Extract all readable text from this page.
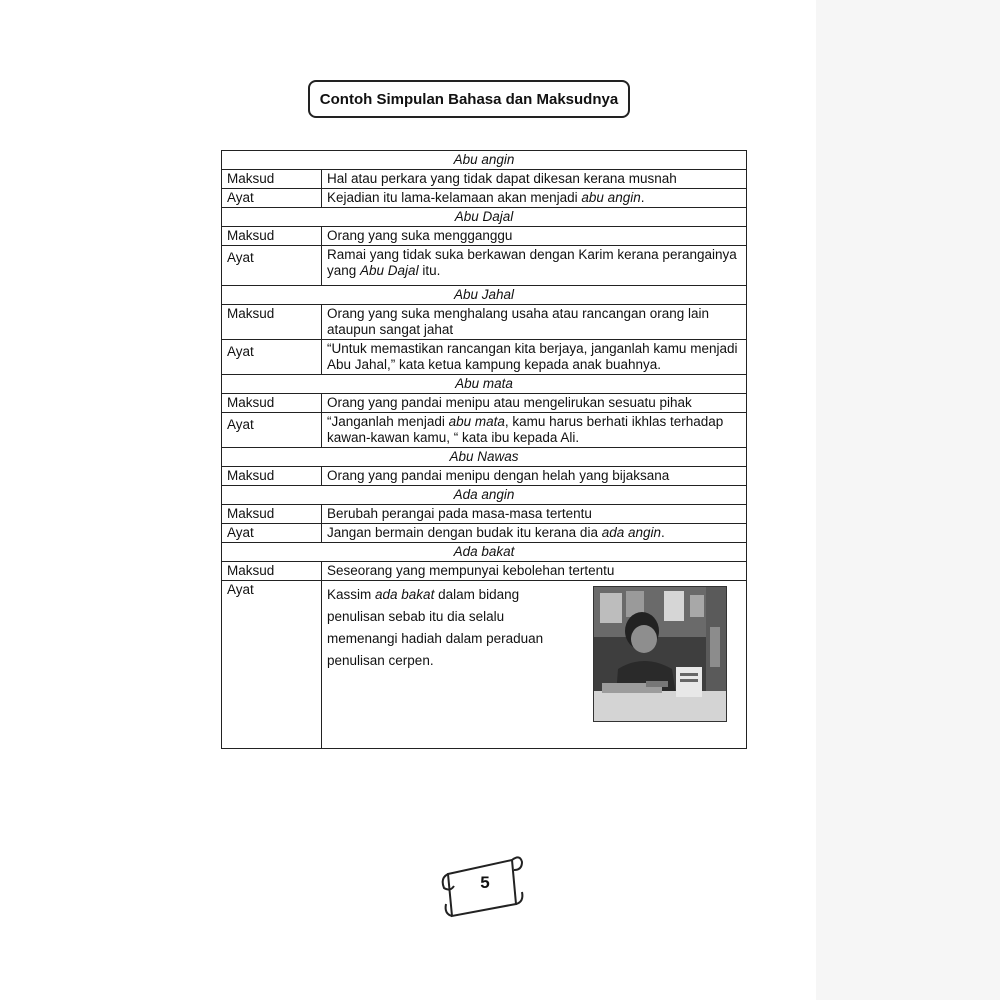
Contoh Simpulan Bahasa dan Maksudnya
Abu angin	
Maksud	Hal atau perkara yang tidak dapat dikesan kerana musnah
Ayat	Kejadian itu lama-kelamaan akan menjadi abu angin.
Abu Dajal	
Maksud	Orang yang suka mengganggu
Ayat	Ramai yang tidak suka berkawan dengan Karim kerana perangainya yang Abu Dajal itu.
Abu Jahal	
Maksud	Orang yang suka menghalang usaha atau rancangan orang lain ataupun sangat jahat
Ayat	“Untuk memastikan rancangan kita berjaya, janganlah kamu menjadi Abu Jahal,” kata ketua kampung kepada anak buahnya.
Abu mata	
Maksud	Orang yang pandai menipu atau mengelirukan sesuatu pihak
Ayat	“Janganlah menjadi abu mata, kamu harus berhati ikhlas terhadap kawan-kawan kamu, “ kata ibu kepada Ali.
Abu Nawas	
Maksud	Orang yang pandai menipu dengan helah yang bijaksana
Ada angin	
Maksud	Berubah perangai pada masa-masa tertentu
Ayat	Jangan bermain dengan budak itu kerana dia ada angin.
Ada bakat	
Maksud	Seseorang yang mempunyai kebolehan tertentu
Ayat	Kassim ada bakat dalam bidang penulisan sebab itu dia selalu memenangi hadiah dalam peraduan penulisan cerpen.
5
